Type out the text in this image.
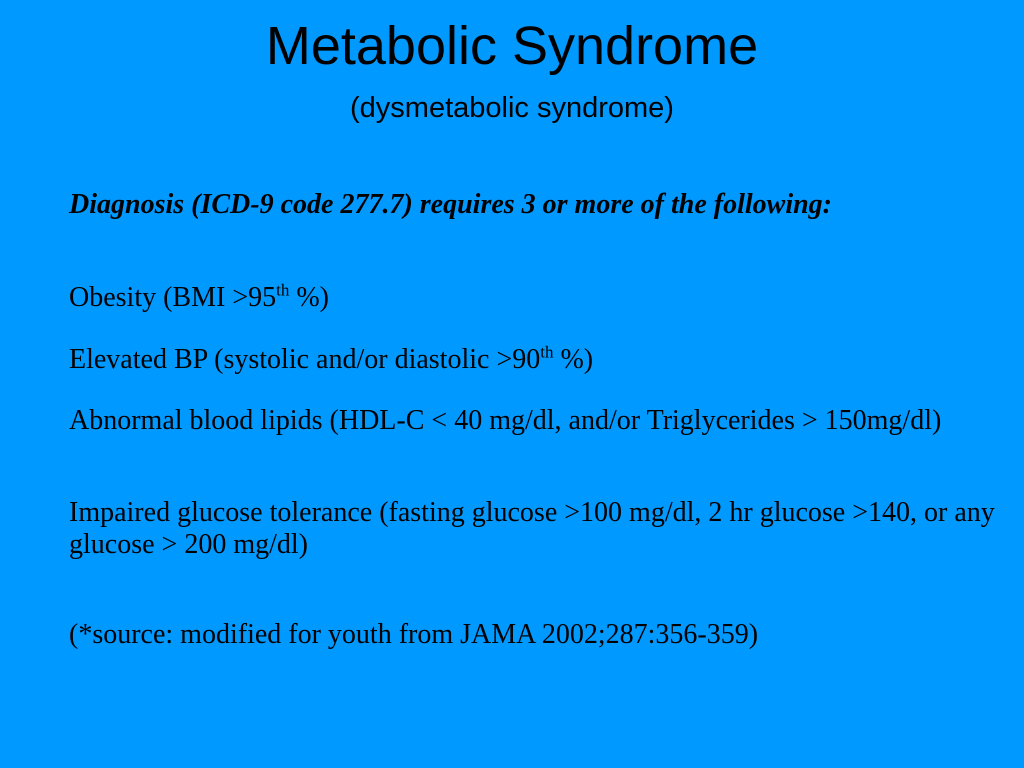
Metabolic Syndrome
(dysmetabolic syndrome)
Diagnosis (ICD-9 code 277.7) requires 3 or more of the following:
Obesity (BMI >95th %)
Elevated BP (systolic and/or diastolic >90th %)
Abnormal blood lipids (HDL-C < 40 mg/dl, and/or Triglycerides > 150mg/dl)
Impaired glucose tolerance (fasting glucose >100 mg/dl, 2 hr glucose >140, or any glucose > 200 mg/dl)
(*source: modified for youth from JAMA 2002;287:356-359)
